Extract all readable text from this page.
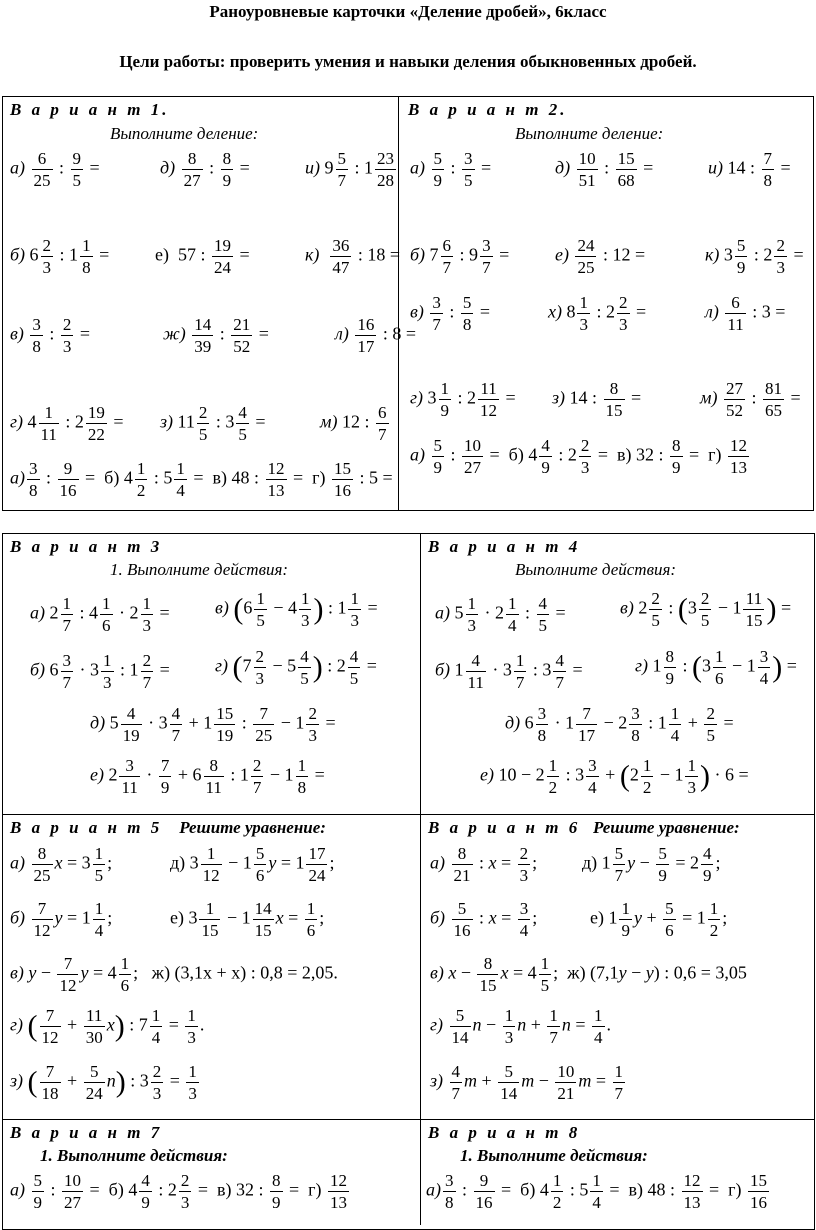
Раноуровневые карточки «Деление дробей», 6класс
Цели работы: проверить умения и навыки деления обыкновенных дробей.
В а р и а н т 1.
Выполните деление:
В а р и а н т 2.
Выполните деление:
$а) \frac{6}{25}$ : $\frac{9}{5}$ =	$д) \frac{8}{27}$ : $\frac{8}{9}$ =	и) $9 \frac{5}{7}$ : $1 \frac{23}{28}$
б) $6 \frac{2}{3}$ : $1 \frac{1}{8}$ =	е)  57 : $\frac{19}{24}$ =	$к) \frac{36}{47}$ : 18 =
$в) \frac{3}{8}$ : $\frac{2}{3}$ =	$ж) \frac{14}{39}$ : $\frac{21}{52}$ =	$л) \frac{16}{17}$ : 8 =
г) $4 \frac{1}{11}$ : $2 \frac{19}{22} = з$) $11 \frac{2}{5}$ : $3 \frac{4}{5}$ =	м) 12 : $\frac{6}{7}$
$а) \frac{3}{8}$ : $\frac{9}{16} = б$) $4 \frac{1}{2}$ : $5 \frac{1}{4} = в$) 48 : $\frac{12}{13} = г) \frac{15}{16}$ : 5 =
$а) \frac{5}{9}$ : $\frac{3}{5}$ =	$д) \frac{10}{51}$ : $\frac{15}{68}$ =	и) 14 : $\frac{7}{8}$ =
б) $7 \frac{6}{7}$ : $9 \frac{3}{7}$ =	$е) \frac{24}{25}$ : 12 =	к) $3 \frac{5}{9}$ : $2 \frac{2}{3}$ =
$в) \frac{3}{7}$ : $\frac{5}{8}$ =	х) $8 \frac{1}{3}$ : $2 \frac{2}{3}$ =	$л) \frac{6}{11}$ : 3 =
г) $3 \frac{1}{9}$ : $2 \frac{11}{12} = з$) 14 : $\frac{8}{15}$ =	$м) \frac{27}{52}$ : $\frac{81}{65}$ =
$а) \frac{5}{9}$ : $\frac{10}{27} = б$) $4 \frac{4}{9}$ : $2 \frac{2}{3} = в$) 32 : $\frac{8}{9} = г) \frac{12}{13}$
В а р и а н т 3
1. Выполните действия:
В а р и а н т 4
Выполните действия:
а) $2 \frac{1}{7}$ : $4 \frac{1}{6} \cdot 2 \frac{1}{3}$ =	в) ($6 \frac{1}{5} - 4 \frac{1}{3}$ ) : $1 \frac{1}{3}$ =
б) $6 \frac{3}{7} \cdot 3 \frac{1}{3}$ : $1 \frac{2}{7}$ =	г) ($7 \frac{2}{3} - 5 \frac{4}{5}$ ) : $2 \frac{4}{5}$ =
д) $5 \frac{4}{19} \cdot 3 \frac{4}{7} + 1 \frac{15}{19}$ : $\frac{7}{25} - 1 \frac{2}{3}$ =
е) $2 \frac{3}{11} \cdot \frac{7}{9} + 6 \frac{8}{11}$ : $1 \frac{2}{7} - 1 \frac{1}{8}$ =
а) $5 \frac{1}{3} \cdot 2 \frac{1}{4}$ : $\frac{4}{5}$ =	в) $2 \frac{2}{5}$ : ($3 \frac{2}{5} - 1 \frac{11}{15}$ ) =
б) $1 \frac{4}{11} \cdot 3 \frac{1}{7}$ : $3 \frac{4}{7}$ =	г) $1 \frac{8}{9}$ : ($3 \frac{1}{6} - 1 \frac{3}{4}$ ) =
д) $6 \frac{3}{8} \cdot 1 \frac{7}{17} - 2 \frac{3}{8}$ : $1 \frac{1}{4} + \frac{2}{5}$ =
е) $10 - 2 \frac{1}{2}$ : $3 \frac{3}{4} + (2 \frac{1}{2} - 1 \frac{1}{3}$ ) · 6 =
В а р и а н т 5 Решите уравнение:
$а) \frac{8}{25}$ $x = 3 \frac{1}{5}$ ;	д) $3 \frac{1}{12} - 1 \frac{5}{6}$ $y = 1 \frac{17}{24}$ ;
$б) \frac{7}{12}$ $y = 1 \frac{1}{4}$ ;	е) $3 \frac{1}{15} - 1 \frac{14}{15}$ $x = \frac{1}{6}$ ;
в) $y - \frac{7}{12}$ $y = 4 \frac{1}{6}$ ;   ж) (3,1x + x) : 0,8 = 2,05.
г) ( $\frac{7}{12} + \frac{11}{30} x$) : $7 \frac{1}{4} = \frac{1}{3}$ .
з) ( $\frac{7}{18} + \frac{5}{24} n$) : $3 \frac{2}{3} = \frac{1}{3}$
В а р и а н т 6 Решите уравнение:
$а) \frac{8}{21}$ : $x = \frac{2}{3}$ ; д) $1 \frac{5}{7}$ $y - \frac{5}{9} = 2 \frac{4}{9}$ ;
$б) \frac{5}{16}$ : $x = \frac{3}{4}$ ;	е) $1 \frac{1}{9}$ $y + \frac{5}{6} = 1 \frac{1}{2}$ ;
в) $x - \frac{8}{15}$ $x = 4 \frac{1}{5}$ ;  ж) (7,1y − y) : 0,6 = 3,05
$г) \frac{5}{14}$ $n - \frac{1}{3}$ $n + \frac{1}{7}$ $n = \frac{1}{4}$ .
$з) \frac{4}{7}$ $m + \frac{5}{14}$ $m - \frac{10}{21}$ $m = \frac{1}{7}$
В а р и а н т 7
1. Выполните действия:
$а) \frac{5}{9}$ : $\frac{10}{27} = б$) $4 \frac{4}{9}$ : $2 \frac{2}{3} = в$) 32 : $\frac{8}{9} = г) \frac{12}{13}$
В а р и а н т 8
1. Выполните действия:
$а) \frac{3}{8}$ : $\frac{9}{16} = б$) $4 \frac{1}{2}$ : $5 \frac{1}{4} = в$) 48 : $\frac{12}{13} = г) \frac{15}{16}$
